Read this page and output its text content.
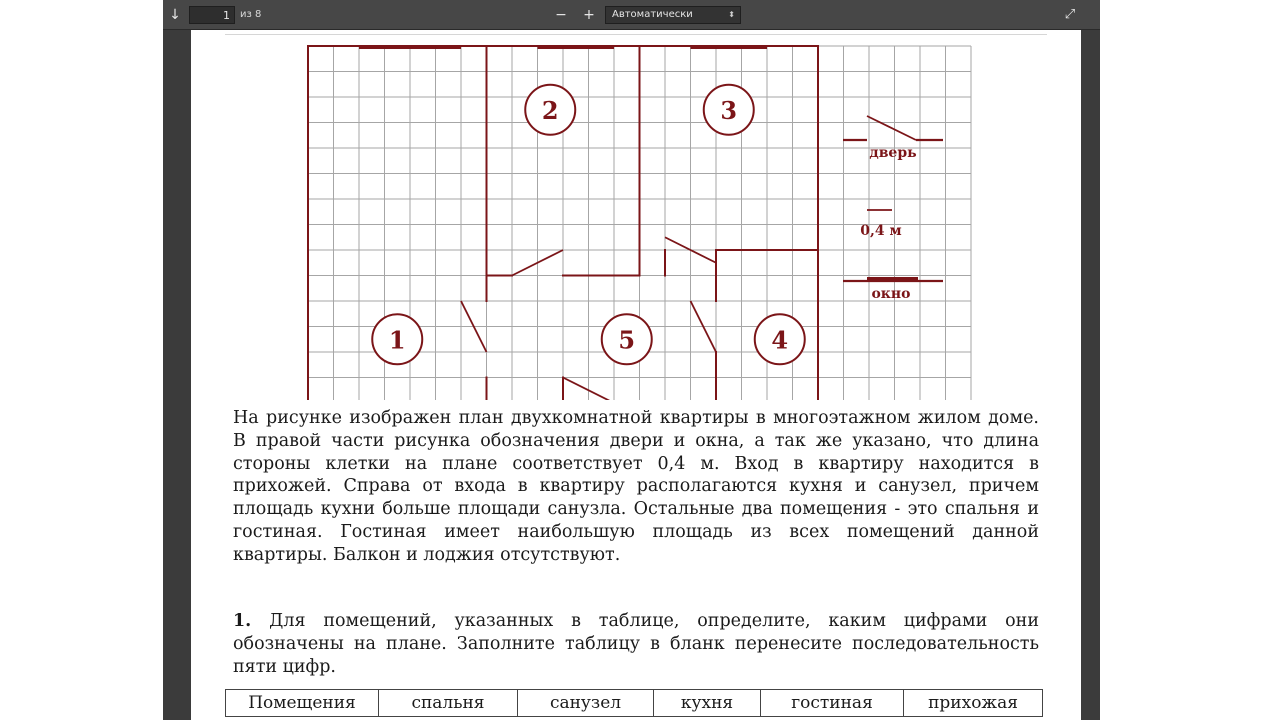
↓
1	из 8	− +	Автоматически	⬍	⤢
1
2	3
4
5
дверь
0,4 м
окно
На рисунке изображен план двухкомнатной квартиры в многоэтажном жилом доме. В правой части рисунка обозначения двери и окна, а так же указано, что длина стороны клетки на плане соответствует 0,4 м. Вход в квартиру находится в прихожей. Справа от входа в квартиру располагаются кухня и санузел, причем площадь кухни больше площади санузла. Остальные два помещения - это спальня и гостиная. Гостиная имеет наибольшую площадь из всех помещений данной квартиры. Балкон и лоджия отсутствуют.
1. Для помещений, указанных в таблице, определите, каким цифрами они обозначены на плане. Заполните таблицу в бланк перенесите последовательность пяти цифр.
Помещения	спальня	санузел	кухня	гостиная	прихожая
